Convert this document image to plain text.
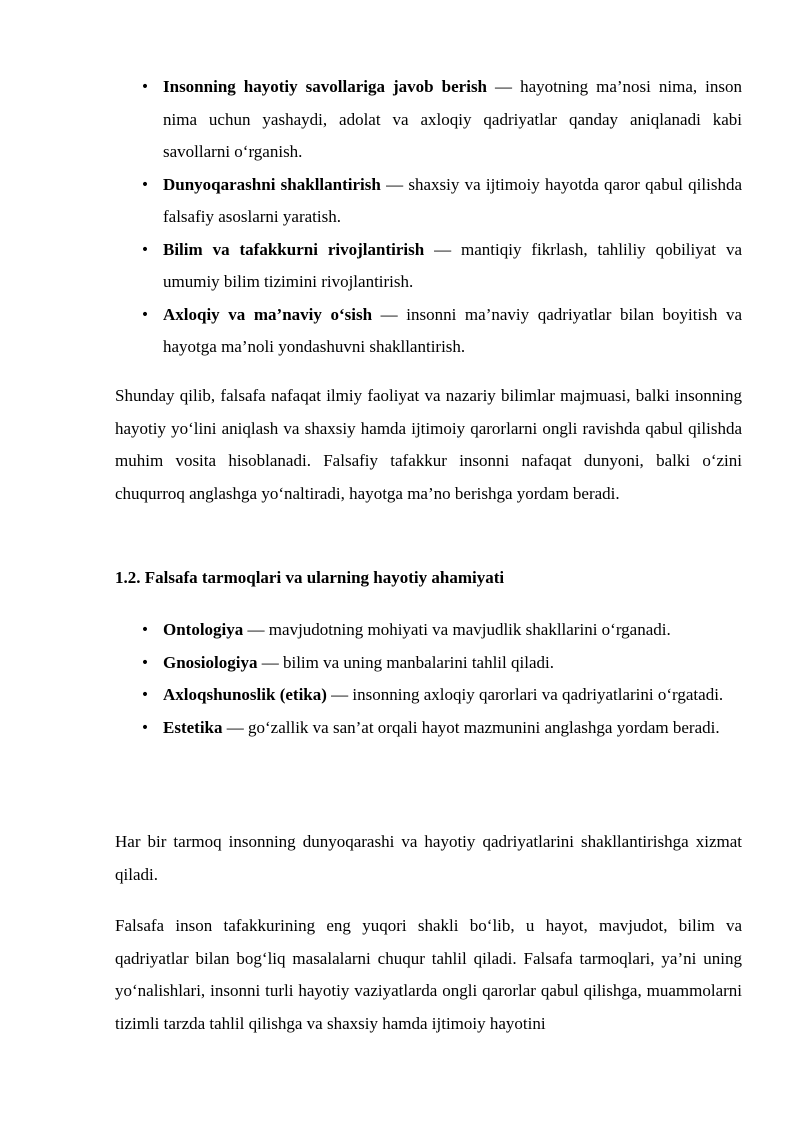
• Insonning hayotiy savollariga javob berish — hayotning ma’nosi nima, inson nima uchun yashaydi, adolat va axloqiy qadriyatlar qanday aniqlanadi kabi savollarni o‘rganish.
• Dunyoqarashni shakllantirish — shaxsiy va ijtimoiy hayotda qaror qabul qilishda falsafiy asoslarni yaratish.
• Bilim va tafakkurni rivojlantirish — mantiqiy fikrlash, tahliliy qobiliyat va umumiy bilim tizimini rivojlantirish.
• Axloqiy va ma’naviy o‘sish — insonni ma’naviy qadriyatlar bilan boyitish va hayotga ma’noli yondashuvni shakllantirish.

Shunday qilib, falsafa nafaqat ilmiy faoliyat va nazariy bilimlar majmuasi, balki insonning hayotiy yo‘lini aniqlash va shaxsiy hamda ijtimoiy qarorlarni ongli ravishda qabul qilishda muhim vosita hisoblanadi. Falsafiy tafakkur insonni nafaqat dunyoni, balki o‘zini chuqurroq anglashga yo‘naltiradi, hayotga ma’no berishga yordam beradi.

1.2. Falsafa tarmoqlari va ularning hayotiy ahamiyati

• Ontologiya — mavjudotning mohiyati va mavjudlik shakllarini o‘rganadi.
• Gnosiologiya — bilim va uning manbalarini tahlil qiladi.
• Axloqshunoslik (etika) — insonning axloqiy qarorlari va qadriyatlarini o‘rgatadi.
• Estetika — go‘zallik va san’at orqali hayot mazmunini anglashga yordam beradi.

Har bir tarmoq insonning dunyoqarashi va hayotiy qadriyatlarini shakllantirishga xizmat qiladi.

Falsafa inson tafakkurining eng yuqori shakli bo‘lib, u hayot, mavjudot, bilim va qadriyatlar bilan bog‘liq masalalarni chuqur tahlil qiladi. Falsafa tarmoqlari, ya’ni uning yo‘nalishlari, insonni turli hayotiy vaziyatlarda ongli qarorlar qabul qilishga, muammolarni tizimli tarzda tahlil qilishga va shaxsiy hamda ijtimoiy hayotini
